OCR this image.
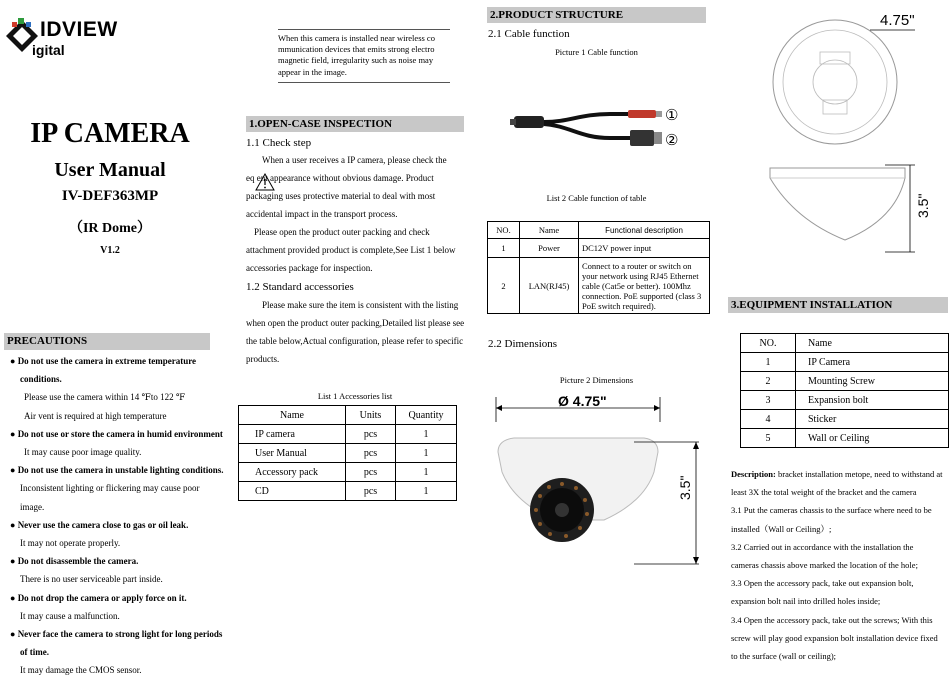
IDVIEW
igital
IP CAMERA
User Manual
IV-DEF363MP
（IR Dome）
V1.2
PRECAUTIONS
● Do not use the camera in extreme temperature
conditions.
Please use the camera within 14 ℉to 122 ℉
Air vent is required at high temperature
● Do not use or store the camera in humid environment
It may cause poor image quality.
● Do not use the camera in unstable lighting conditions.
Inconsistent lighting or flickering may cause poor image.
● Never use the camera close to gas or oil leak.
It may not operate properly.
● Do not disassemble the camera.
There is no user serviceable part inside.
● Do not drop the camera or apply force on it.
It may cause a malfunction.
● Never face the camera to strong light for long periods
of time.
It may damage the CMOS sensor.
When this camera is installed near wireless co mmunication devices that emits strong electro magnetic field, irregularity such as noise may appear in the image.
1.OPEN-CASE INSPECTION
1.1 Check step
When a user receives a IP camera, please check the
eq ent appearance without obvious damage. Product
packaging uses protective material to deal with most
accidental impact in the transport process.
Please open the product outer packing and check
attachment provided product is complete,See List 1 below
accessories package for inspection.
1.2 Standard accessories
Please make sure the item is consistent with the listing
when open the product outer packing,Detailed list please see
the table below,Actual configuration, please refer to specific
products.
List 1 Accessories list
Name	Units	Quantity
IP camera	pcs	1
User Manual	pcs	1
Accessory pack	pcs	1
CD	pcs	1
2.PRODUCT STRUCTURE
2.1 Cable function
Picture 1 Cable function
①
②
List 2 Cable function of table
NO.	Name	Functional description
1	Power	DC12V power input
2	LAN(RJ45)	Connect to a router or switch on your network using RJ45 Ethernet cable (Cat5e or better). 100Mhz connection. PoE supported (class 3 PoE switch required).
2.2 Dimensions
Picture 2 Dimensions
Ø 4.75"
3.5"
4.75"
3.5"
3.EQUIPMENT INSTALLATION
NO.	Name
1	IP Camera
2	Mounting Screw
3	Expansion bolt
4	Sticker
5	Wall or Ceiling
Description: bracket installation metope, need to withstand at
least 3X the total weight of the bracket and the camera
3.1 Put the cameras chassis to the surface where need to be
installed（Wall or Ceiling）;
3.2 Carried out in accordance with the installation the
cameras chassis above marked the location of the hole;
3.3 Open the accessory pack, take out expansion bolt,
expansion bolt nail into drilled holes inside;
3.4 Open the accessory pack, take out the screws; With this
screw will play good expansion bolt installation device fixed
to the surface (wall or ceiling);
